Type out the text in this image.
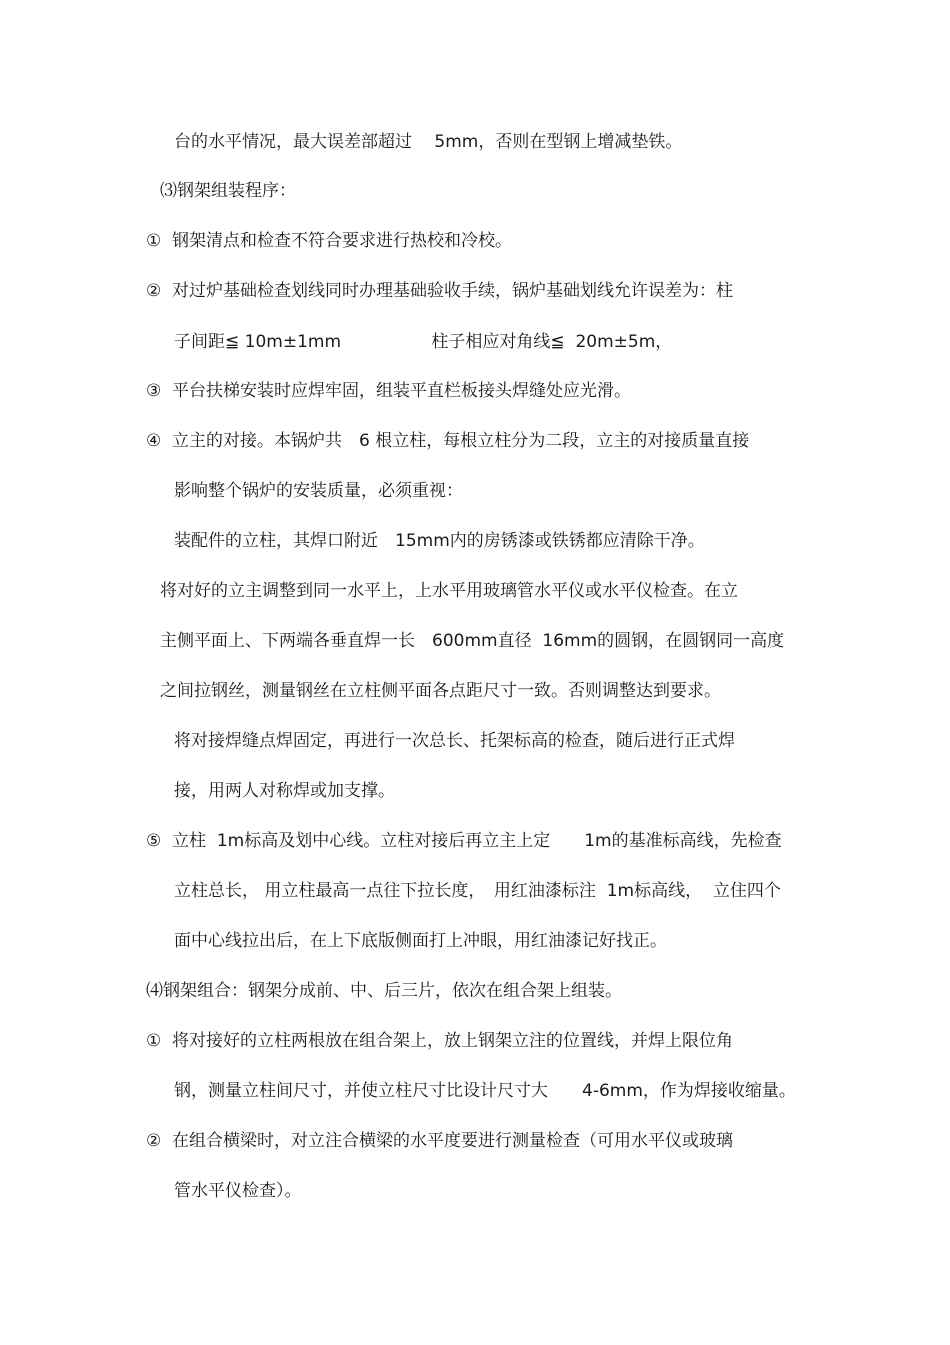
台的水平情况，最大误差部超过　 5mm，否则在型钢上增减垫铁。
⑶钢架组装程序：
①  钢架清点和检查不符合要求进行热校和冷校。
②  对过炉基础检查划线同时办理基础验收手续，锅炉基础划线允许误差为：柱
子间距≦ 10m±1mm　　　　　 柱子相应对角线≦  20m±5m，
③  平台扶梯安装时应焊牢固，组装平直栏板接头焊缝处应光滑。
④  立主的对接。本锅炉共　6 根立柱，每根立柱分为二段，立主的对接质量直接
影响整个锅炉的安装质量，必须重视：
装配件的立柱，其焊口附近　15mm内的房锈漆或铁锈都应清除干净。
将对好的立主调整到同一水平上，上水平用玻璃管水平仪或水平仪检查。在立
主侧平面上、下两端各垂直焊一长　600mm直径  16mm的圆钢，在圆钢同一高度
之间拉钢丝，测量钢丝在立柱侧平面各点距尺寸一致。否则调整达到要求。
将对接焊缝点焊固定，再进行一次总长、托架标高的检查，随后进行正式焊
接，用两人对称焊或加支撑。
⑤  立柱  1m标高及划中心线。立柱对接后再立主上定　　1m的基准标高线，先检查
立柱总长， 用立柱最高一点往下拉长度，　用红油漆标注  1m标高线，  立住四个
面中心线拉出后，在上下底版侧面打上冲眼，用红油漆记好找正。
⑷钢架组合：钢架分成前、中、后三片，依次在组合架上组装。
①  将对接好的立柱两根放在组合架上，放上钢架立注的位置线，并焊上限位角
钢，测量立柱间尺寸，并使立柱尺寸比设计尺寸大　　4-6mm，作为焊接收缩量。
②  在组合横梁时，对立注合横梁的水平度要进行测量检查（可用水平仪或玻璃
管水平仪检查）。
